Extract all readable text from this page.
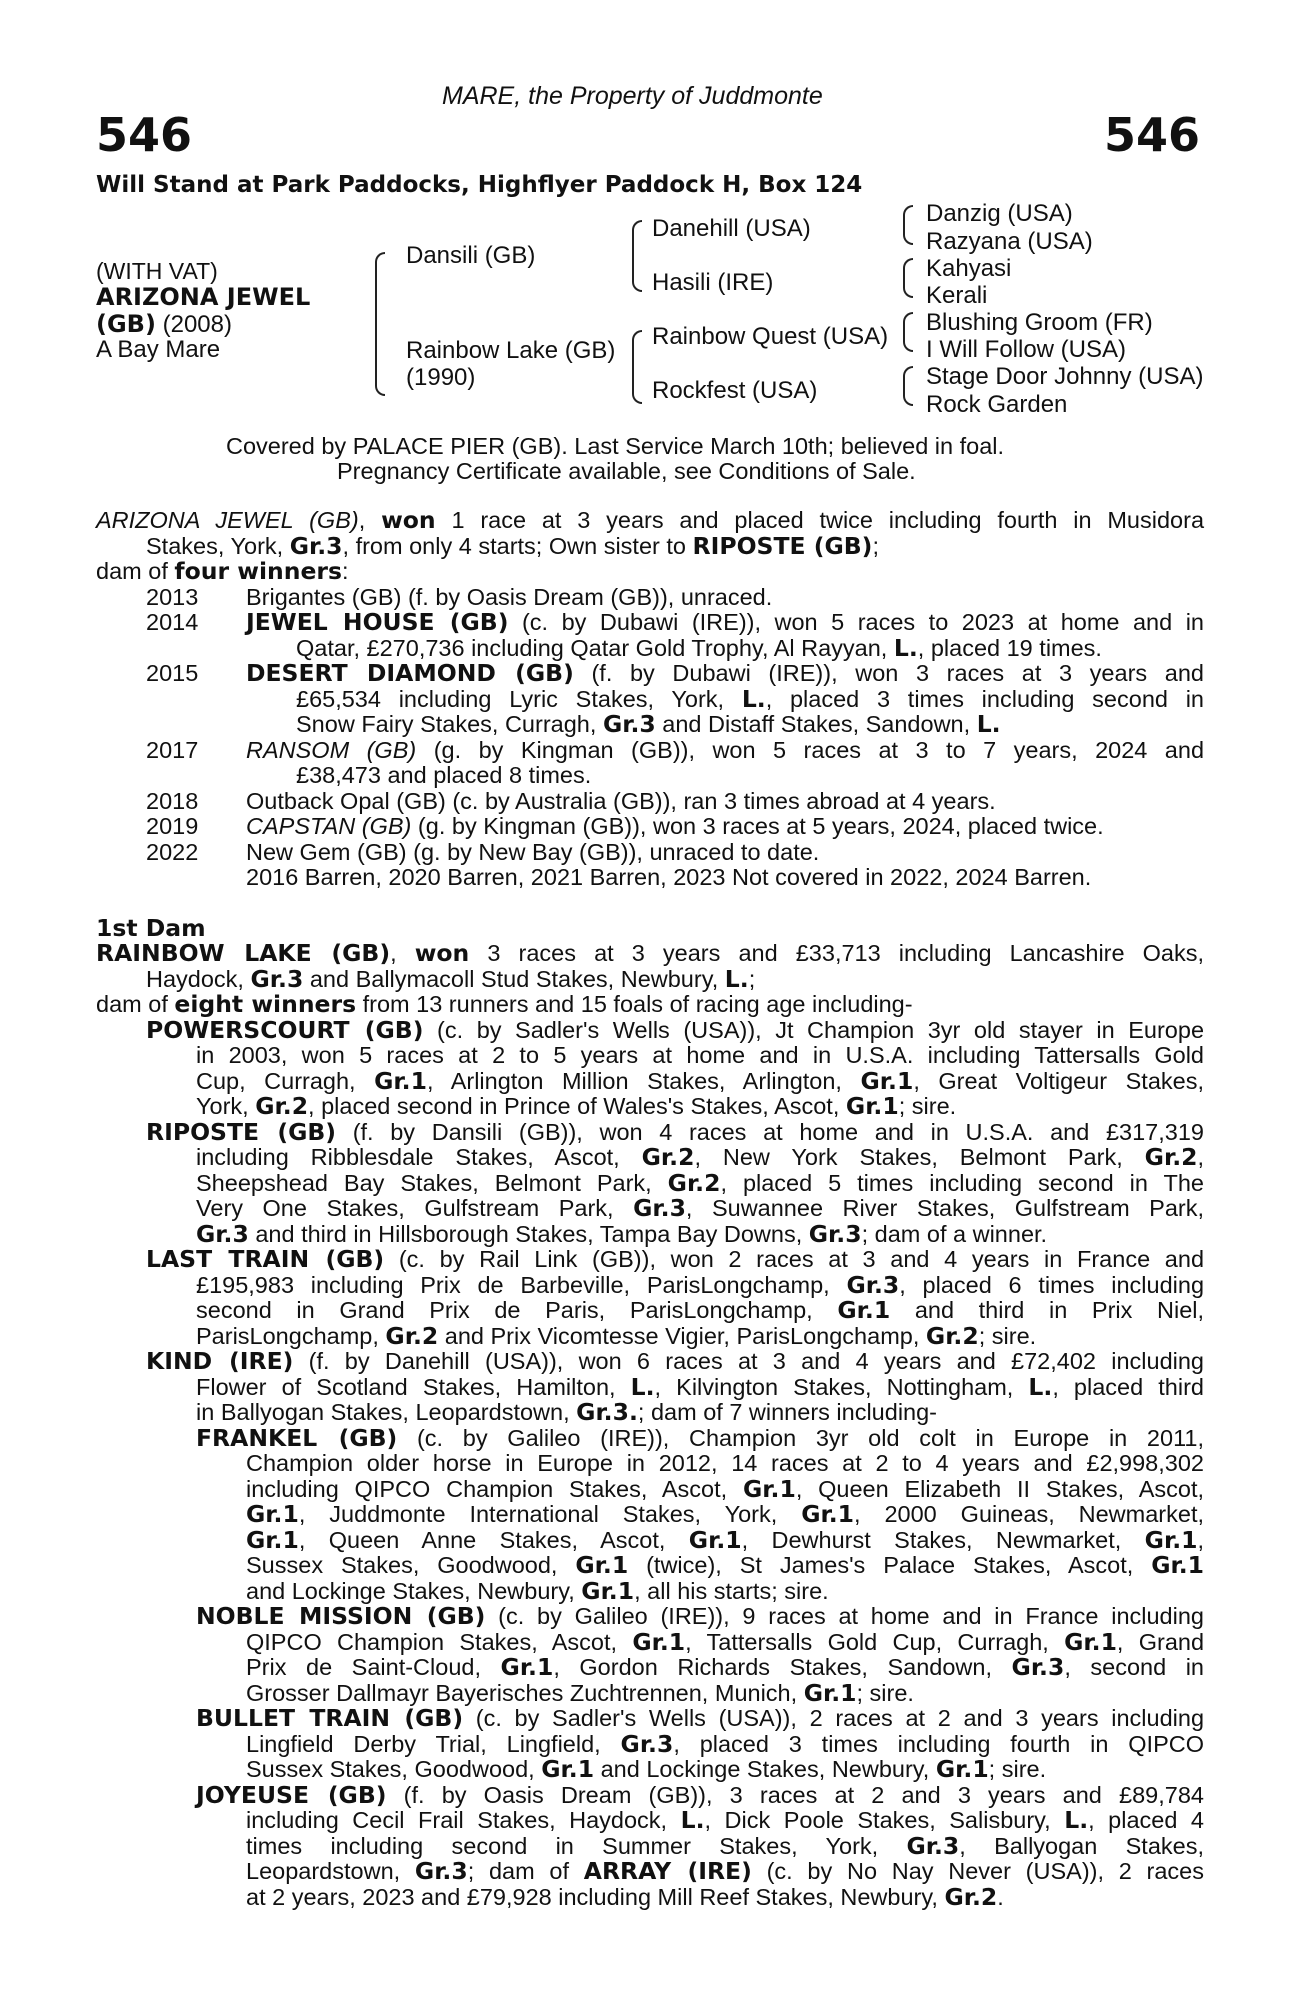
MARE, the Property of Juddmonte
546	546
Will Stand at Park Paddocks, Highflyer Paddock H, Box 124
(WITH VAT)
ARIZONA JEWEL
(GB) (2008)
A Bay Mare
Dansili (GB)
Rainbow Lake (GB)
(1990)
Danehill (USA)
Hasili (IRE)
Rainbow Quest (USA)
Rockfest (USA)
Danzig (USA)
Razyana (USA)
Kahyasi
Kerali
Blushing Groom (FR)
I Will Follow (USA)
Stage Door Johnny (USA)
Rock Garden
Covered by PALACE PIER (GB). Last Service March 10th; believed in foal.
Pregnancy Certificate available, see Conditions of Sale.
ARIZONA JEWEL (GB), won 1 race at 3 years and placed twice including fourth in Musidora
Stakes, York, Gr.3, from only 4 starts; Own sister to RIPOSTE (GB);
dam of four winners:
2013 Brigantes (GB) (f. by Oasis Dream (GB)), unraced.
2014 JEWEL HOUSE (GB) (c. by Dubawi (IRE)), won 5 races to 2023 at home and in
Qatar, £270,736 including Qatar Gold Trophy, Al Rayyan, L., placed 19 times.
2015 DESERT DIAMOND (GB) (f. by Dubawi (IRE)), won 3 races at 3 years and
£65,534 including Lyric Stakes, York, L., placed 3 times including second in
Snow Fairy Stakes, Curragh, Gr.3 and Distaff Stakes, Sandown, L.
2017 RANSOM (GB) (g. by Kingman (GB)), won 5 races at 3 to 7 years, 2024 and
£38,473 and placed 8 times.
2018 Outback Opal (GB) (c. by Australia (GB)), ran 3 times abroad at 4 years.
2019 CAPSTAN (GB) (g. by Kingman (GB)), won 3 races at 5 years, 2024, placed twice.
2022 New Gem (GB) (g. by New Bay (GB)), unraced to date.
2016 Barren, 2020 Barren, 2021 Barren, 2023 Not covered in 2022, 2024 Barren.
1st Dam
RAINBOW LAKE (GB), won 3 races at 3 years and £33,713 including Lancashire Oaks,
Haydock, Gr.3 and Ballymacoll Stud Stakes, Newbury, L.;
dam of eight winners from 13 runners and 15 foals of racing age including-
POWERSCOURT (GB) (c. by Sadler's Wells (USA)), Jt Champion 3yr old stayer in Europe
in 2003, won 5 races at 2 to 5 years at home and in U.S.A. including Tattersalls Gold
Cup, Curragh, Gr.1, Arlington Million Stakes, Arlington, Gr.1, Great Voltigeur Stakes,
York, Gr.2, placed second in Prince of Wales's Stakes, Ascot, Gr.1; sire.
RIPOSTE (GB) (f. by Dansili (GB)), won 4 races at home and in U.S.A. and £317,319
including Ribblesdale Stakes, Ascot, Gr.2, New York Stakes, Belmont Park, Gr.2,
Sheepshead Bay Stakes, Belmont Park, Gr.2, placed 5 times including second in The
Very One Stakes, Gulfstream Park, Gr.3, Suwannee River Stakes, Gulfstream Park,
Gr.3 and third in Hillsborough Stakes, Tampa Bay Downs, Gr.3; dam of a winner.
LAST TRAIN (GB) (c. by Rail Link (GB)), won 2 races at 3 and 4 years in France and
£195,983 including Prix de Barbeville, ParisLongchamp, Gr.3, placed 6 times including
second in Grand Prix de Paris, ParisLongchamp, Gr.1 and third in Prix Niel,
ParisLongchamp, Gr.2 and Prix Vicomtesse Vigier, ParisLongchamp, Gr.2; sire.
KIND (IRE) (f. by Danehill (USA)), won 6 races at 3 and 4 years and £72,402 including
Flower of Scotland Stakes, Hamilton, L., Kilvington Stakes, Nottingham, L., placed third
in Ballyogan Stakes, Leopardstown, Gr.3.; dam of 7 winners including-
FRANKEL (GB) (c. by Galileo (IRE)), Champion 3yr old colt in Europe in 2011,
Champion older horse in Europe in 2012, 14 races at 2 to 4 years and £2,998,302
including QIPCO Champion Stakes, Ascot, Gr.1, Queen Elizabeth II Stakes, Ascot,
Gr.1, Juddmonte International Stakes, York, Gr.1, 2000 Guineas, Newmarket,
Gr.1, Queen Anne Stakes, Ascot, Gr.1, Dewhurst Stakes, Newmarket, Gr.1,
Sussex Stakes, Goodwood, Gr.1 (twice), St James's Palace Stakes, Ascot, Gr.1
and Lockinge Stakes, Newbury, Gr.1, all his starts; sire.
NOBLE MISSION (GB) (c. by Galileo (IRE)), 9 races at home and in France including
QIPCO Champion Stakes, Ascot, Gr.1, Tattersalls Gold Cup, Curragh, Gr.1, Grand
Prix de Saint-Cloud, Gr.1, Gordon Richards Stakes, Sandown, Gr.3, second in
Grosser Dallmayr Bayerisches Zuchtrennen, Munich, Gr.1; sire.
BULLET TRAIN (GB) (c. by Sadler's Wells (USA)), 2 races at 2 and 3 years including
Lingfield Derby Trial, Lingfield, Gr.3, placed 3 times including fourth in QIPCO
Sussex Stakes, Goodwood, Gr.1 and Lockinge Stakes, Newbury, Gr.1; sire.
JOYEUSE (GB) (f. by Oasis Dream (GB)), 3 races at 2 and 3 years and £89,784
including Cecil Frail Stakes, Haydock, L., Dick Poole Stakes, Salisbury, L., placed 4
times including second in Summer Stakes, York, Gr.3, Ballyogan Stakes,
Leopardstown, Gr.3; dam of ARRAY (IRE) (c. by No Nay Never (USA)), 2 races
at 2 years, 2023 and £79,928 including Mill Reef Stakes, Newbury, Gr.2.
